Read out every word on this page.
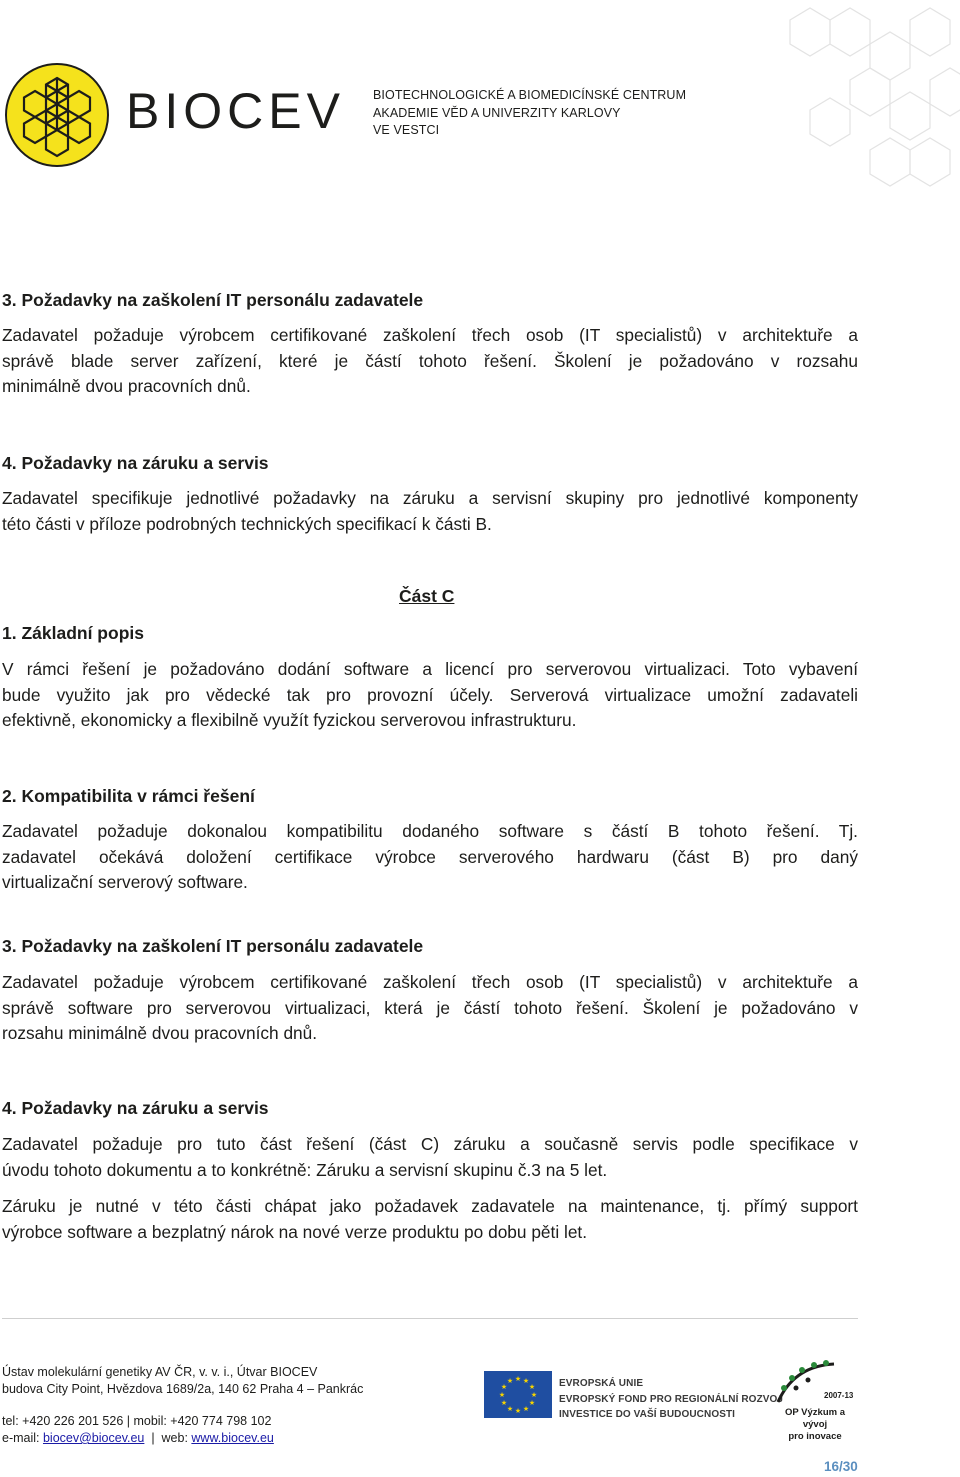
BIOCEV BIOTECHNOLOGICKÉ A BIOMEDICÍNSKÉ CENTRUM
AKADEMIE VĚD A UNIVERZITY KARLOVY
VE VESTCI
3. Požadavky na zaškolení IT personálu zadavatele
Zadavatel požaduje výrobcem certifikované zaškolení třech osob (IT specialistů) v architektuře a
správě blade server zařízení, které je částí tohoto řešení. Školení je požadováno v rozsahu
minimálně dvou pracovních dnů.
4. Požadavky na záruku a servis
Zadavatel specifikuje jednotlivé požadavky na záruku a servisní skupiny pro jednotlivé komponenty
této části v příloze podrobných technických specifikací k části B.
Část C
1. Základní popis
V rámci řešení je požadováno dodání software a licencí pro serverovou virtualizaci. Toto vybavení
bude využito jak pro vědecké tak pro provozní účely. Serverová virtualizace umožní zadavateli
efektivně, ekonomicky a flexibilně využít fyzickou serverovou infrastrukturu.
2. Kompatibilita v rámci řešení
Zadavatel požaduje dokonalou kompatibilitu dodaného software s částí B tohoto řešení. Tj.
zadavatel očekává doložení certifikace výrobce serverového hardwaru (část B) pro daný
virtualizační serverový software.
3. Požadavky na zaškolení IT personálu zadavatele
Zadavatel požaduje výrobcem certifikované zaškolení třech osob (IT specialistů) v architektuře a
správě software pro serverovou virtualizaci, která je částí tohoto řešení. Školení je požadováno v
rozsahu minimálně dvou pracovních dnů.
4. Požadavky na záruku a servis
Zadavatel požaduje pro tuto část řešení (část C) záruku a současně servis podle specifikace v
úvodu tohoto dokumentu a to konkrétně: Záruku a servisní skupinu č.3 na 5 let.
Záruku je nutné v této části chápat jako požadavek zadavatele na maintenance, tj. přímý support
výrobce software a bezplatný nárok na nové verze produktu po dobu pěti let.
Ústav molekulární genetiky AV ČR, v. v. i., Útvar BIOCEV
budova City Point, Hvězdova 1689/2a, 140 62 Praha 4 – Pankrác
tel: +420 226 201 526 | mobil: +420 774 798 102
e-mail: biocev@biocev.eu  |  web: www.biocev.eu
★ ★
★
★
★
★
★
★
★
★
★
★	EVROPSKÁ UNIE
EVROPSKÝ FOND PRO REGIONÁLNÍ ROZVOJ
INVESTICE DO VAŠÍ BUDOUCNOSTI
2007-13
OP Výzkum a vývoj
pro inovace
16/30
